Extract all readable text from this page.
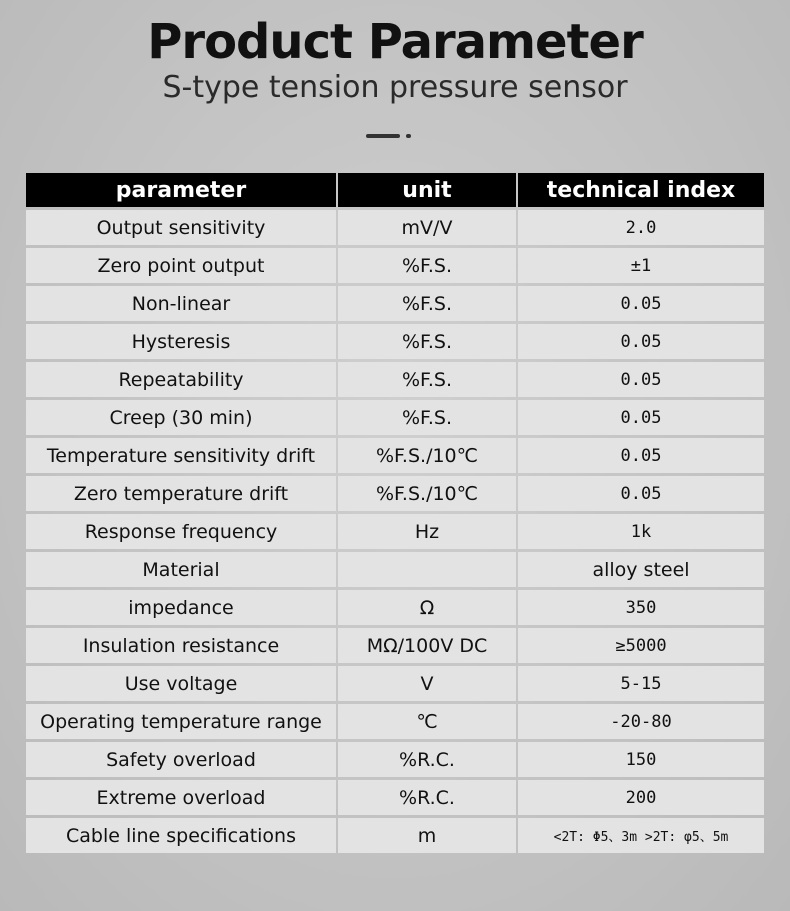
Product Parameter
S-type tension pressure sensor
parameter	unit	technical index
Output sensitivity	mV/V	2.0
Zero point output	%F.S.	±1
Non-linear	%F.S.	0.05
Hysteresis	%F.S.	0.05
Repeatability	%F.S.	0.05
Creep (30 min)	%F.S.	0.05
Temperature sensitivity drift	%F.S./10℃	0.05
Zero temperature drift	%F.S./10℃	0.05
Response frequency	Hz	1k
Material		alloy steel
impedance	Ω	350
Insulation resistance	MΩ/100V DC	≥5000
Use voltage	V	5-15
Operating temperature range	℃	-20-80
Safety overload	%R.C.	150
Extreme overload	%R.C.	200
Cable line specifications	m	<2T: Φ5、3m >2T: φ5、5m
